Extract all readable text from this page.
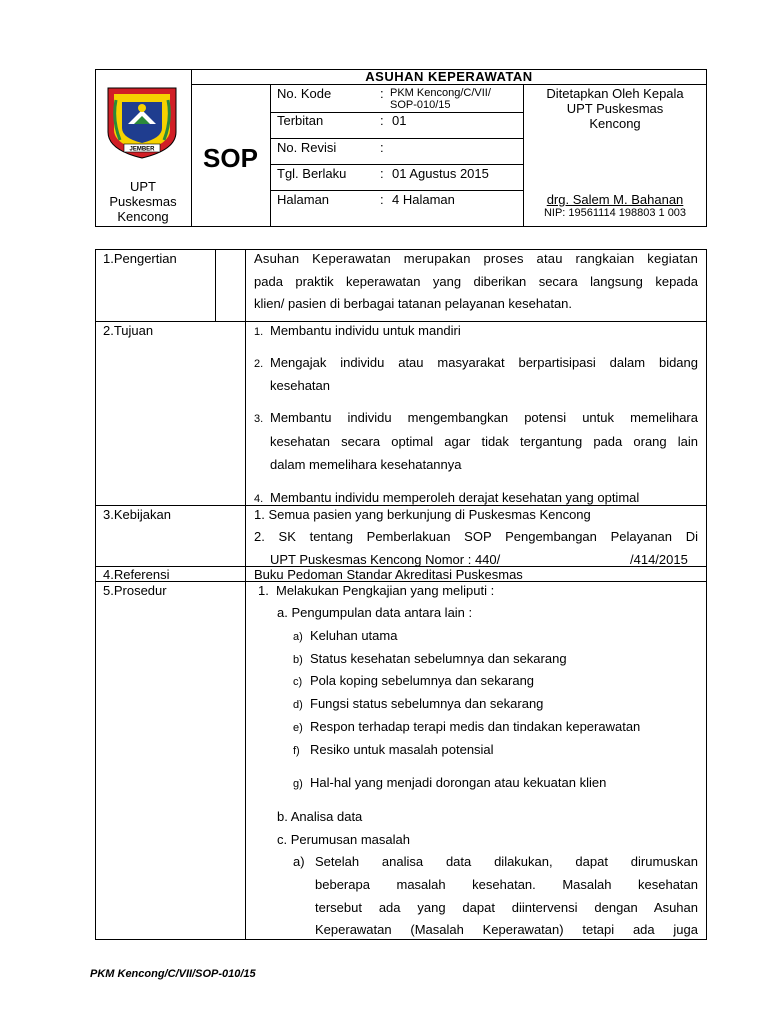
ASUHAN KEPERAWATAN
JEMBER
UPT
Puskesmas
Kencong
SOP
No. Kode	: PKM Kencong/C/VII/
SOP-010/15
Terbitan	: 01
No. Revisi	:
Tgl. Berlaku	: 01 Agustus 2015
Halaman	: 4 Halaman
Ditetapkan Oleh Kepala
UPT Puskesmas
Kencong
drg. Salem M. Bahanan
NIP: 19561114 198803 1 003
1.Pengertian	Asuhan Keperawatan merupakan proses atau rangkaian kegiatan
pada praktik keperawatan yang diberikan secara langsung kepada
klien/ pasien di berbagai tatanan pelayanan kesehatan.
2.Tujuan	1. Membantu individu untuk mandiri
2. Mengajak individu atau masyarakat berpartisipasi dalam bidang
kesehatan
3. Membantu individu mengembangkan potensi untuk memelihara
kesehatan secara optimal agar tidak tergantung pada orang lain
dalam memelihara kesehatannya
4. Membantu individu memperoleh derajat kesehatan yang optimal
3.Kebijakan	1. Semua pasien yang berkunjung di Puskesmas Kencong
2. SK tentang Pemberlakuan SOP Pengembangan Pelayanan Di
UPT Puskesmas Kencong Nomor : 440/	/414/2015
4.Referensi	Buku Pedoman Standar Akreditasi Puskesmas
5.Prosedur	1. Melakukan Pengkajian yang meliputi :
a. Pengumpulan data antara lain :
a) Keluhan utama
b) Status kesehatan sebelumnya dan sekarang
c) Pola koping sebelumnya dan sekarang
d) Fungsi status sebelumnya dan sekarang
e) Respon terhadap terapi medis dan tindakan keperawatan
f) Resiko untuk masalah potensial
g) Hal-hal yang menjadi dorongan atau kekuatan klien
b. Analisa data
c. Perumusan masalah
a) Setelah analisa data dilakukan, dapat dirumuskan
beberapa masalah kesehatan. Masalah kesehatan
tersebut ada yang dapat diintervensi dengan Asuhan
Keperawatan (Masalah Keperawatan) tetapi ada juga
PKM Kencong/C/VII/SOP-010/15
